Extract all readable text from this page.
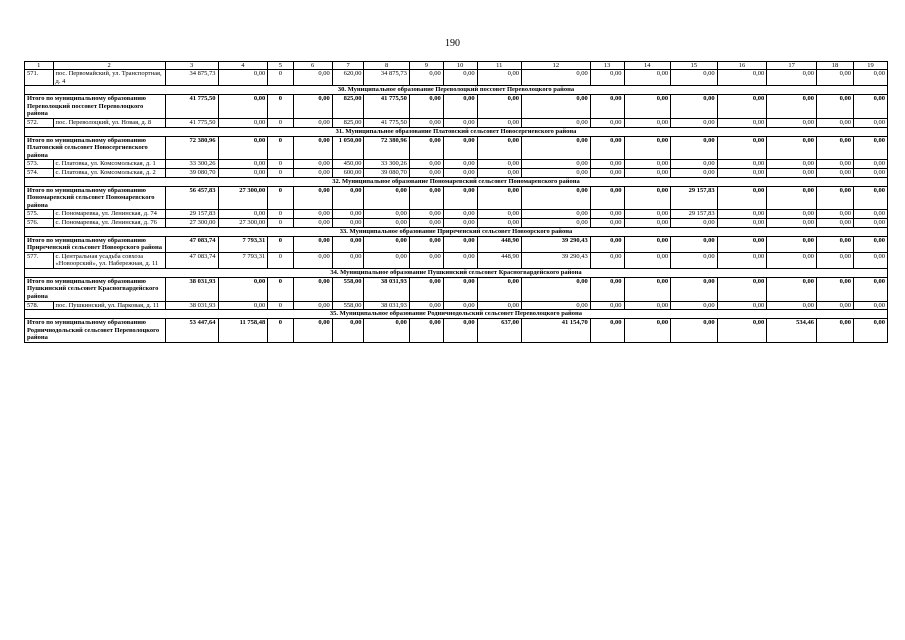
190
1	2	3	4	5	6	7	8	9	10	11	12	13	14	15	16	17	18	19
571.	пос. Первомайский, ул. Транспортная, д. 4	34 875,73	0,00	0	0,00	620,00	34 875,73	0,00	0,00	0,00	0,00	0,00	0,00	0,00	0,00	0,00	0,00	0,00
30. Муниципальное образование Переволоцкий поссовет Переволоцкого района																		
Итого по муниципальному образованию Переволоцкий поссовет Переволоцкого района		41 775,50	0,00	0	0,00	825,00	41 775,50	0,00	0,00	0,00	0,00	0,00	0,00	0,00	0,00	0,00	0,00	0,00
572.	пос. Переволоцкий, ул. Новая, д. 8	41 775,50	0,00	0	0,00	825,00	41 775,50	0,00	0,00	0,00	0,00	0,00	0,00	0,00	0,00	0,00	0,00	0,00
31. Муниципальное образование Платовский сельсовет Новосергиевского района																		
Итого по муниципальному образованию Платовский сельсовет Новосергиевского района		72 380,96	0,00	0	0,00	1 050,00	72 380,96	0,00	0,00	0,00	0,00	0,00	0,00	0,00	0,00	0,00	0,00	0,00
573.	с. Платовка, ул. Комсомольская, д. 1	33 300,26	0,00	0	0,00	450,00	33 300,26	0,00	0,00	0,00	0,00	0,00	0,00	0,00	0,00	0,00	0,00	0,00
574.	с. Платовка, ул. Комсомольская, д. 2	39 080,70	0,00	0	0,00	600,00	39 080,70	0,00	0,00	0,00	0,00	0,00	0,00	0,00	0,00	0,00	0,00	0,00
32. Муниципальное образование Пономаревский сельсовет Пономаревского района																		
Итого по муниципальному образованию Пономаревский сельсовет Пономаревского района		56 457,83	27 300,00	0	0,00	0,00	0,00	0,00	0,00	0,00	0,00	0,00	0,00	29 157,83	0,00	0,00	0,00	0,00
575.	с. Пономаревка, ул. Ленинская, д. 74	29 157,83	0,00	0	0,00	0,00	0,00	0,00	0,00	0,00	0,00	0,00	0,00	29 157,83	0,00	0,00	0,00	0,00
576.	с. Пономаревка, ул. Ленинская, д. 76	27 300,00	27 300,00	0	0,00	0,00	0,00	0,00	0,00	0,00	0,00	0,00	0,00	0,00	0,00	0,00	0,00	0,00
33. Муниципальное образование Приреченский сельсовет Новоорского района																		
Итого по муниципальному образованию Приреченский сельсовет Новоорского района		47 083,74	7 793,31	0	0,00	0,00	0,00	0,00	0,00	448,90	39 290,43	0,00	0,00	0,00	0,00	0,00	0,00	0,00
577.	с. Центральная усадьба совхоза «Новоорский», ул. Набережная, д. 11	47 083,74	7 793,31	0	0,00	0,00	0,00	0,00	0,00	448,90	39 290,43	0,00	0,00	0,00	0,00	0,00	0,00	0,00
34. Муниципальное образование Пушкинский сельсовет Красногвардейского района																		
Итого по муниципальному образованию Пушкинский сельсовет Красногвардейского района		38 031,93	0,00	0	0,00	558,00	38 031,93	0,00	0,00	0,00	0,00	0,00	0,00	0,00	0,00	0,00	0,00	0,00
578.	пос. Пушкинский, ул. Парковая, д. 11	38 031,93	0,00	0	0,00	558,00	38 031,93	0,00	0,00	0,00	0,00	0,00	0,00	0,00	0,00	0,00	0,00	0,00
35. Муниципальное образование Родничнодольский сельсовет Переволоцкого района																		
Итого по муниципальному образованию Родничнодольский сельсовет Переволоцкого района		53 447,64	11 758,48	0	0,00	0,00	0,00	0,00	0,00	637,00	41 154,70	0,00	0,00	0,00	0,00	534,46	0,00	0,00
